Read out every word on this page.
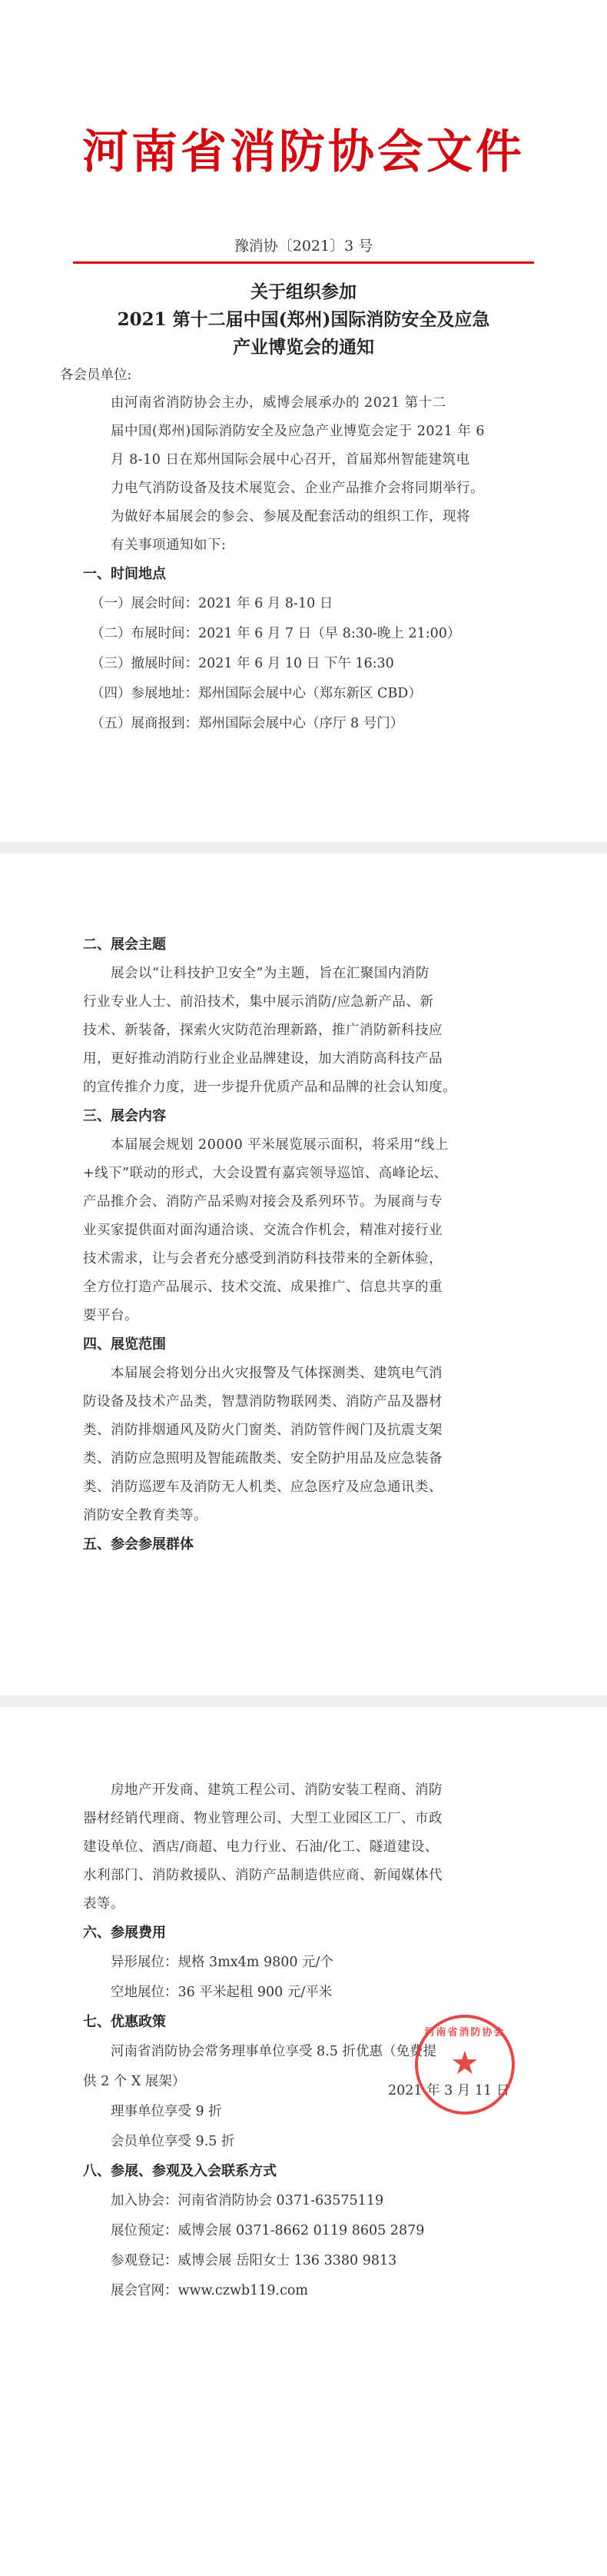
河南省消防协会文件
豫消协〔2021〕3 号
关于组织参加
2021 第十二届中国(郑州)国际消防安全及应急
产业博览会的通知
各会员单位:
由河南省消防协会主办，威博会展承办的 2021 第十二
届中国(郑州)国际消防安全及应急产业博览会定于 2021 年 6
月 8-10 日在郑州国际会展中心召开，首届郑州智能建筑电
力电气消防设备及技术展览会、企业产品推介会将同期举行。
为做好本届展会的参会、参展及配套活动的组织工作，现将
有关事项通知如下:
一、时间地点
（一）展会时间：2021 年 6 月 8-10 日
（二）布展时间：2021 年 6 月 7 日（早 8:30-晚上 21:00）
（三）撤展时间：2021 年 6 月 10 日 下午 16:30
（四）参展地址：郑州国际会展中心（郑东新区 CBD）
（五）展商报到：郑州国际会展中心（序厅 8 号门）
二、展会主题
展会以“让科技护卫安全”为主题，旨在汇聚国内消防
行业专业人士、前沿技术，集中展示消防/应急新产品、新
技术、新装备，探索火灾防范治理新路，推广消防新科技应
用，更好推动消防行业企业品牌建设，加大消防高科技产品
的宣传推介力度，进一步提升优质产品和品牌的社会认知度。
三、展会内容
本届展会规划 20000 平米展览展示面积，将采用“线上
+线下”联动的形式，大会设置有嘉宾领导巡馆、高峰论坛、
产品推介会、消防产品采购对接会及系列环节。为展商与专
业买家提供面对面沟通洽谈、交流合作机会，精准对接行业
技术需求，让与会者充分感受到消防科技带来的全新体验，
全方位打造产品展示、技术交流、成果推广、信息共享的重
要平台。
四、展览范围
本届展会将划分出火灾报警及气体探测类、建筑电气消
防设备及技术产品类，智慧消防物联网类、消防产品及器材
类、消防排烟通风及防火门窗类、消防管件阀门及抗震支架
类、消防应急照明及智能疏散类、安全防护用品及应急装备
类、消防巡逻车及消防无人机类、应急医疗及应急通讯类、
消防安全教育类等。
五、参会参展群体
房地产开发商、建筑工程公司、消防安装工程商、消防
器材经销代理商、物业管理公司、大型工业园区工厂、市政
建设单位、酒店/商超、电力行业、石油/化工、隧道建设、
水利部门、消防救援队、消防产品制造供应商、新闻媒体代
表等。
六、参展费用
异形展位：规格 3mx4m 9800 元/个
空地展位：36 平米起租 900 元/平米
七、优惠政策
河南省消防协会常务理事单位享受 8.5 折优惠（免费提
供 2 个 X 展架）
理事单位享受 9 折
会员单位享受 9.5 折
八、参展、参观及入会联系方式
加入协会：河南省消防协会 0371-63575119
展位预定：威博会展 0371-8662 0119 8605 2879
参观登记：威博会展 岳阳女士 136 3380 9813
展会官网：www.czwb119.com
2021 年 3 月 11 日
河南省消防协会
★
